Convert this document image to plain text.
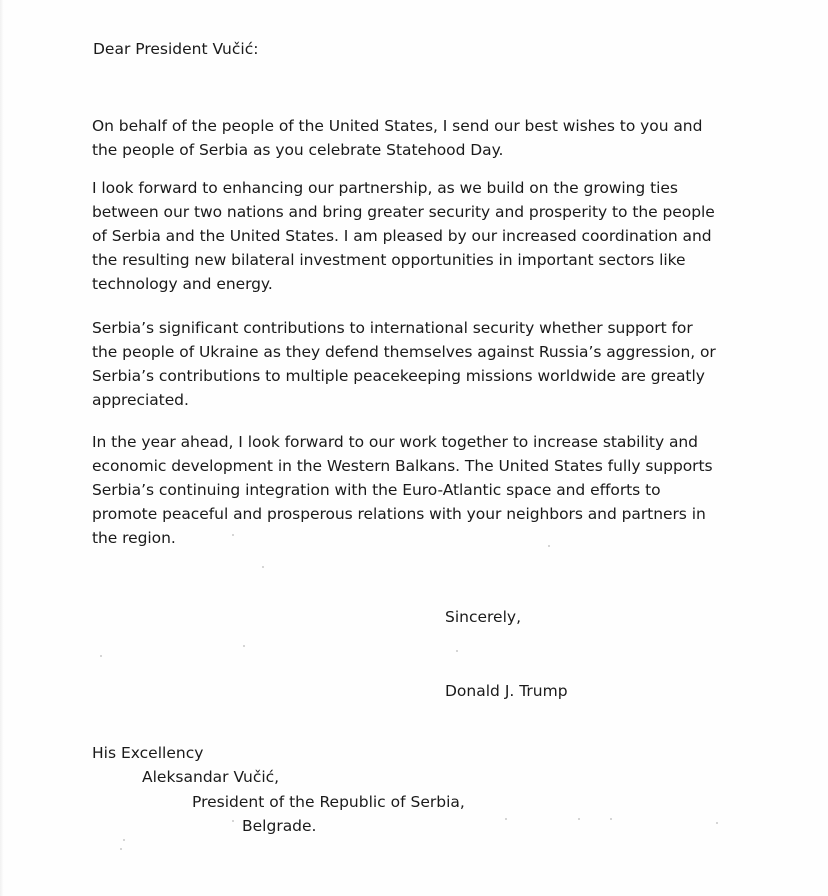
Dear President Vučić:

On behalf of the people of the United States, I send our best wishes to you and
the people of Serbia as you celebrate Statehood Day.

I look forward to enhancing our partnership, as we build on the growing ties
between our two nations and bring greater security and prosperity to the people
of Serbia and the United States. I am pleased by our increased coordination and
the resulting new bilateral investment opportunities in important sectors like
technology and energy.

Serbia’s significant contributions to international security whether support for
the people of Ukraine as they defend themselves against Russia’s aggression, or
Serbia’s contributions to multiple peacekeeping missions worldwide are greatly
appreciated.

In the year ahead, I look forward to our work together to increase stability and
economic development in the Western Balkans. The United States fully supports
Serbia’s continuing integration with the Euro-Atlantic space and efforts to
promote peaceful and prosperous relations with your neighbors and partners in
the region.

Sincerely,

Donald J. Trump

His Excellency

Aleksandar Vučić,

President of the Republic of Serbia,

Belgrade.
